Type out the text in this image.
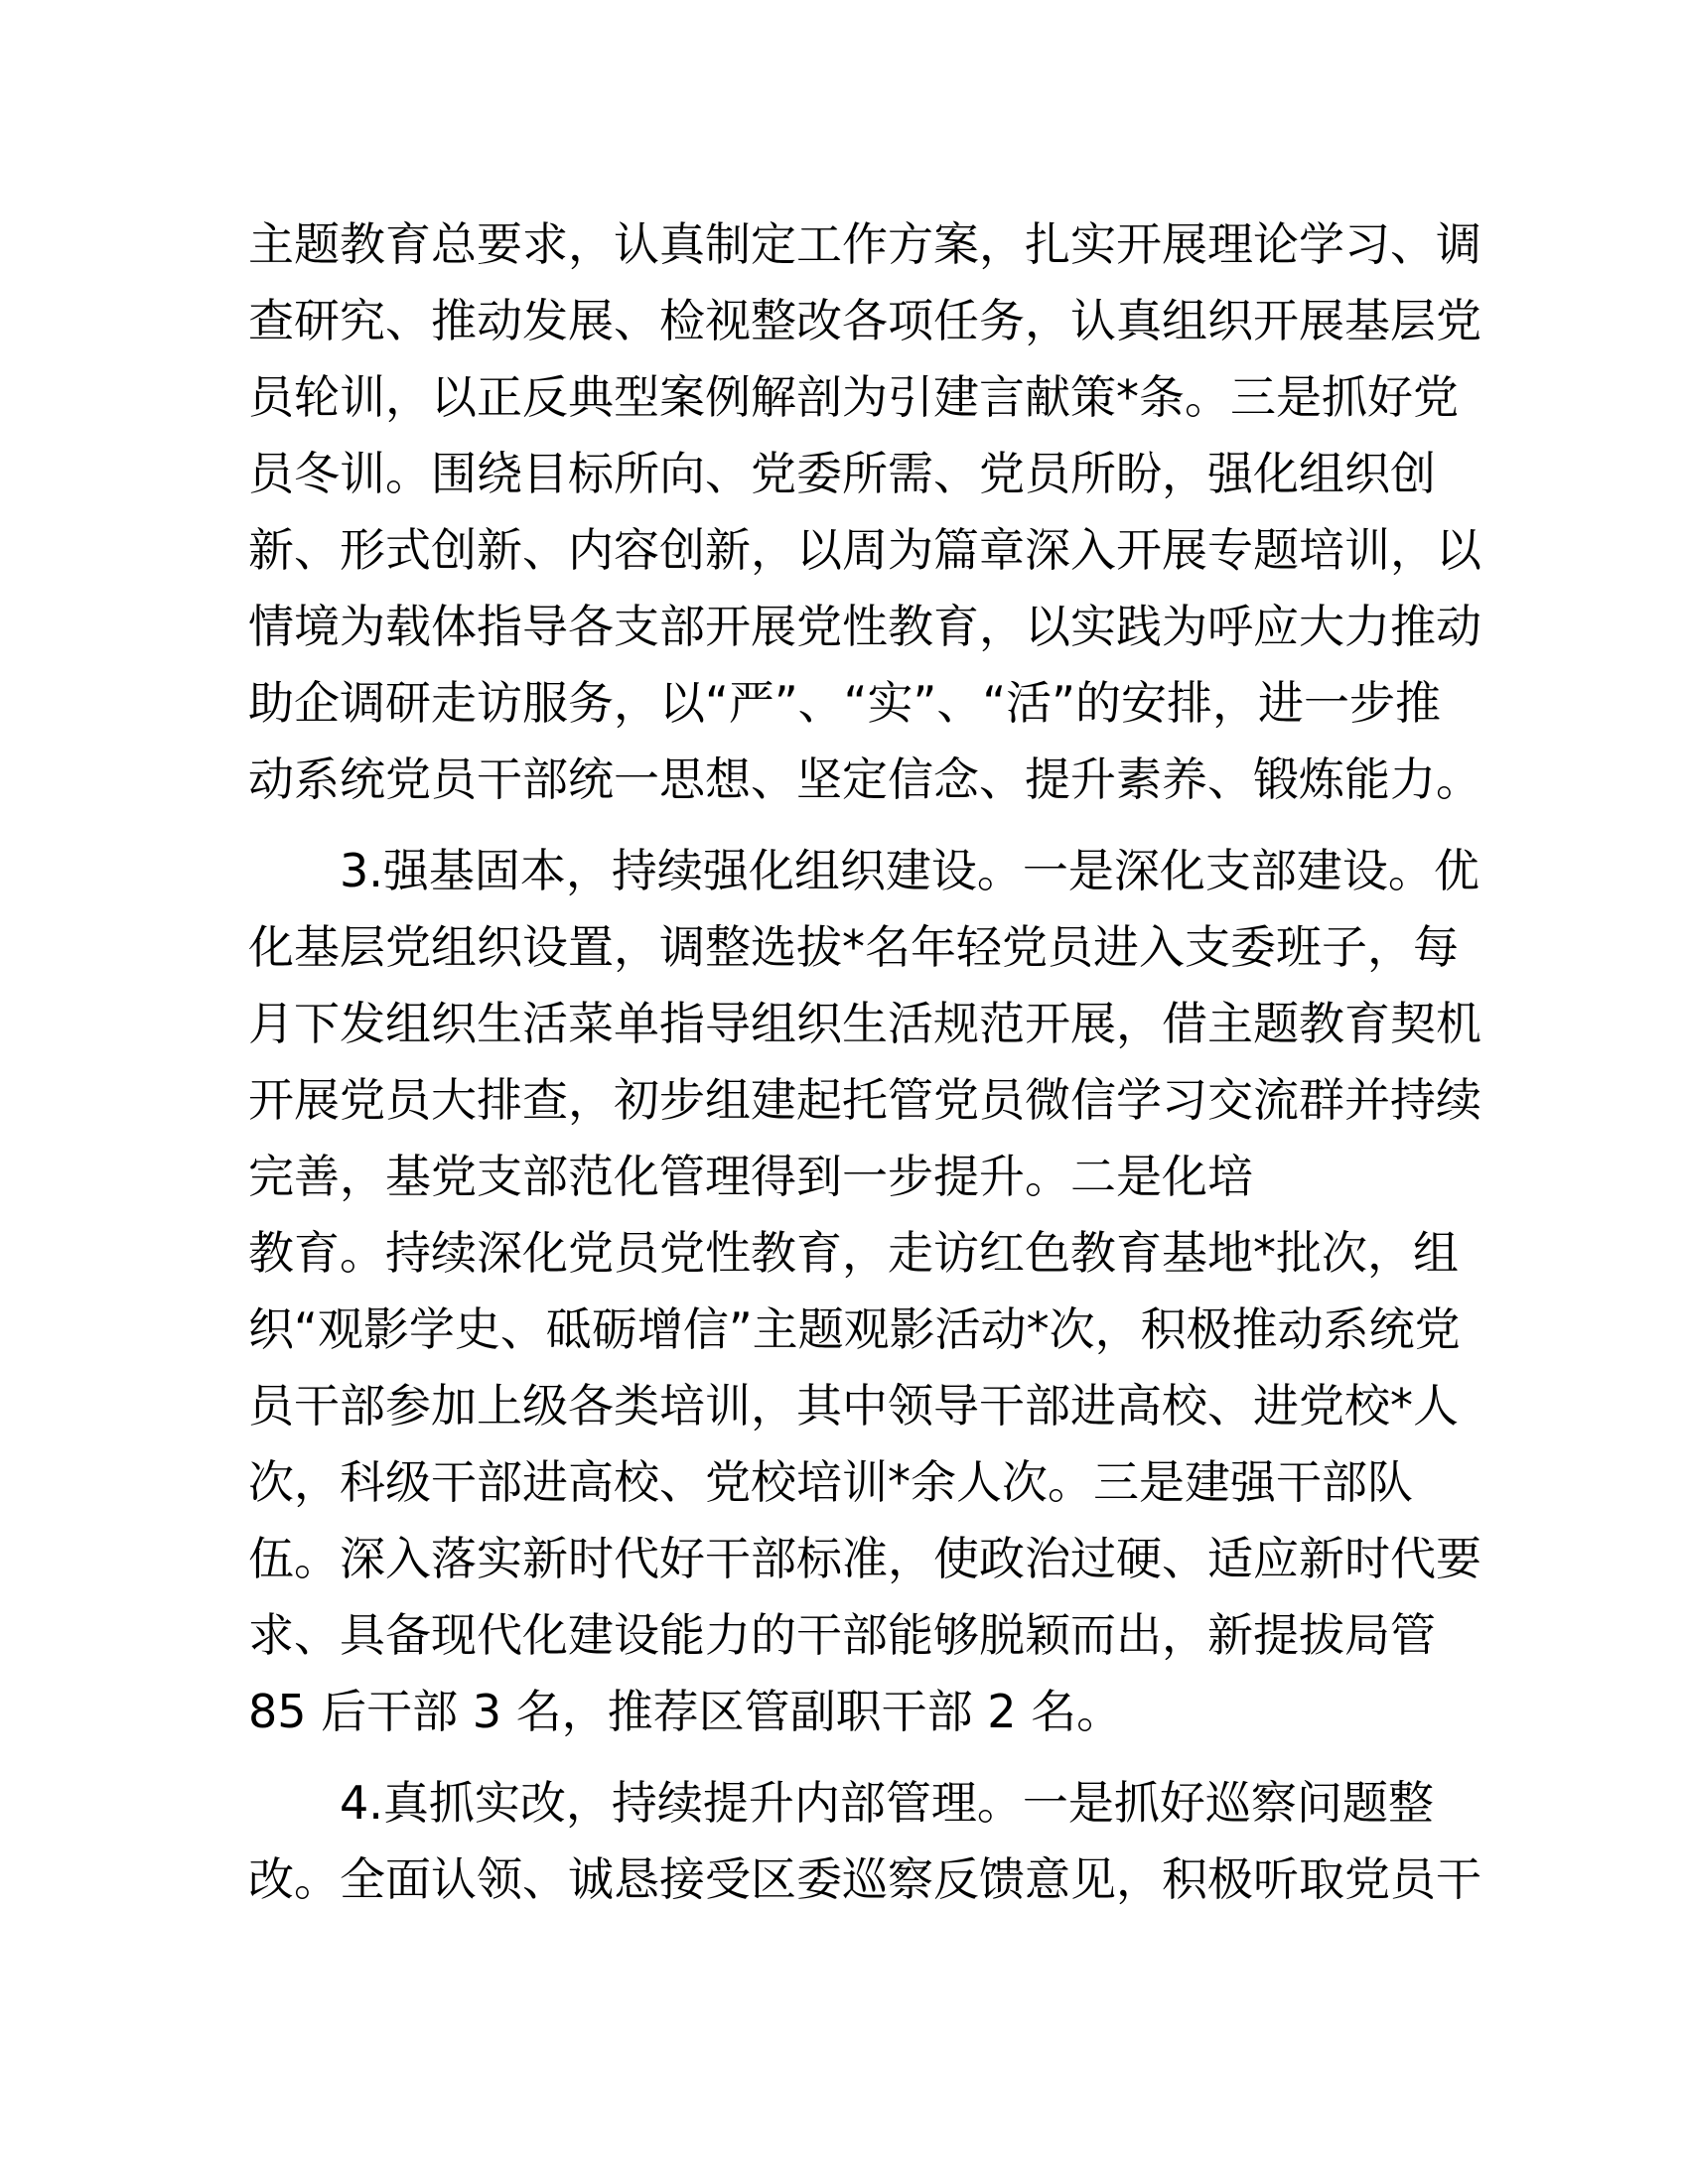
主题教育总要求，认真制定工作方案，扎实开展理论学习、调
查研究、推动发展、检视整改各项任务，认真组织开展基层党
员轮训，以正反典型案例解剖为引建言献策*条。三是抓好党
员冬训。围绕目标所向、党委所需、党员所盼，强化组织创
新、形式创新、内容创新，以周为篇章深入开展专题培训，以
情境为载体指导各支部开展党性教育，以实践为呼应大力推动
助企调研走访服务，以“严”、“实”、“活”的安排，进一步推
动系统党员干部统一思想、坚定信念、提升素养、锻炼能力。
3.强基固本，持续强化组织建设。一是深化支部建设。优
化基层党组织设置，调整选拔*名年轻党员进入支委班子，每
月下发组织生活菜单指导组织生活规范开展，借主题教育契机
开展党员大排查，初步组建起托管党员微信学习交流群并持续
完善，基党支部范化管理得到一步提升。二是化培
教育。持续深化党员党性教育，走访红色教育基地*批次，组
织“观影学史、砥砺增信”主题观影活动*次，积极推动系统党
员干部参加上级各类培训，其中领导干部进高校、进党校*人
次，科级干部进高校、党校培训*余人次。三是建强干部队
伍。深入落实新时代好干部标准，使政治过硬、适应新时代要
求、具备现代化建设能力的干部能够脱颖而出，新提拔局管
85 后干部 3 名，推荐区管副职干部 2 名。
4.真抓实改，持续提升内部管理。一是抓好巡察问题整
改。全面认领、诚恳接受区委巡察反馈意见，积极听取党员干
